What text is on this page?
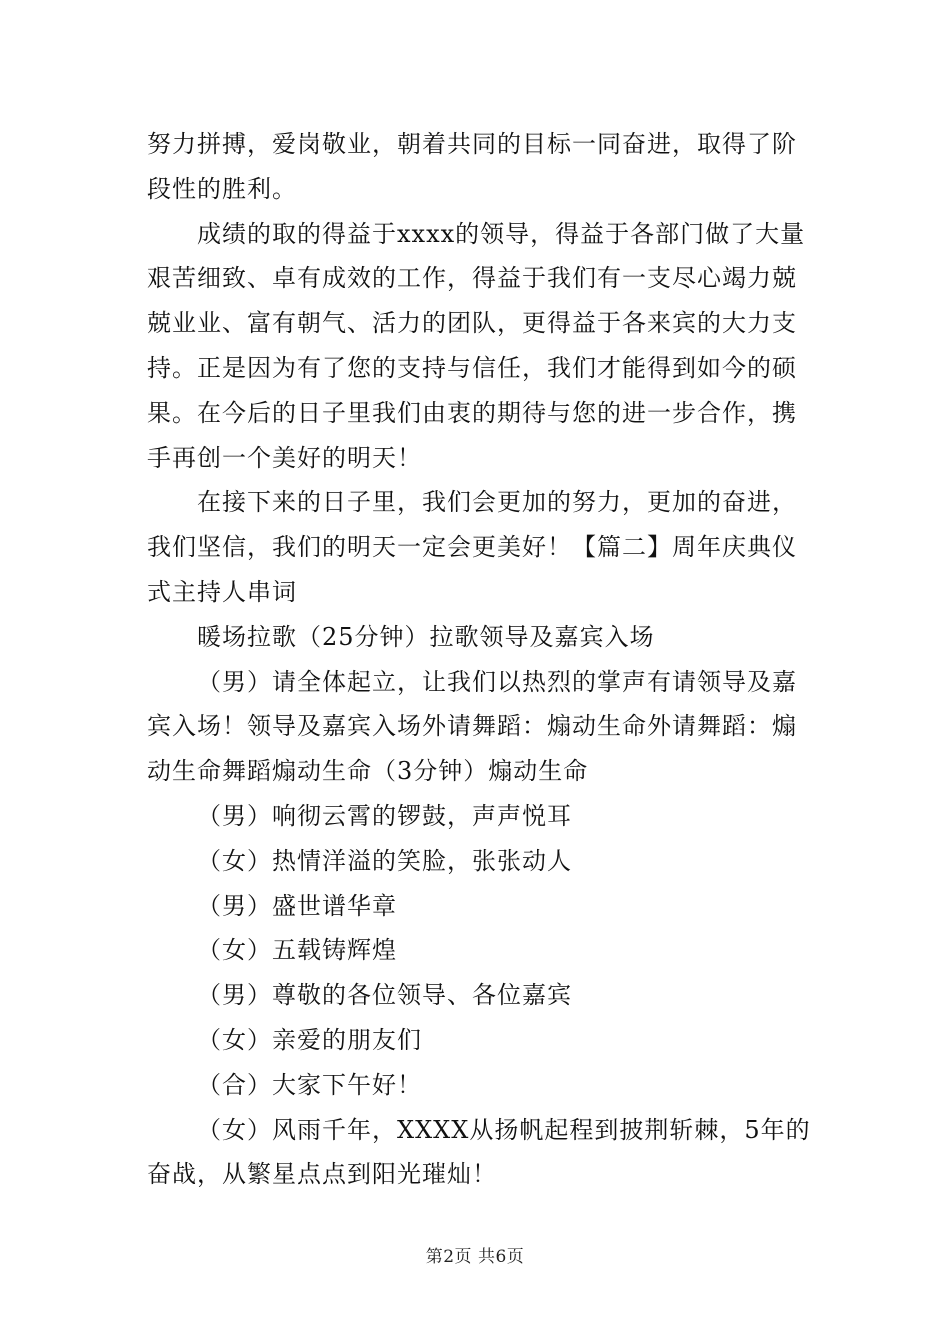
努力拼搏，爱岗敬业，朝着共同的目标一同奋进，取得了阶段性的胜利。

成绩的取的得益于xxxx的领导，得益于各部门做了大量艰苦细致、卓有成效的工作，得益于我们有一支尽心竭力兢兢业业、富有朝气、活力的团队，更得益于各来宾的大力支持。正是因为有了您的支持与信任，我们才能得到如今的硕果。在今后的日子里我们由衷的期待与您的进一步合作，携手再创一个美好的明天！

在接下来的日子里，我们会更加的努力，更加的奋进，我们坚信，我们的明天一定会更美好！【篇二】周年庆典仪式主持人串词

暖场拉歌（25分钟）拉歌领导及嘉宾入场

（男）请全体起立，让我们以热烈的掌声有请领导及嘉宾入场！领导及嘉宾入场外请舞蹈：煽动生命外请舞蹈：煽动生命舞蹈煽动生命（3分钟）煽动生命

（男）响彻云霄的锣鼓，声声悦耳

（女）热情洋溢的笑脸，张张动人

（男）盛世谱华章

（女）五载铸辉煌

（男）尊敬的各位领导、各位嘉宾

（女）亲爱的朋友们

（合）大家下午好！

（女）风雨千年，XXXX从扬帆起程到披荆斩棘，5年的奋战，从繁星点点到阳光璀灿！

第2页 共6页
